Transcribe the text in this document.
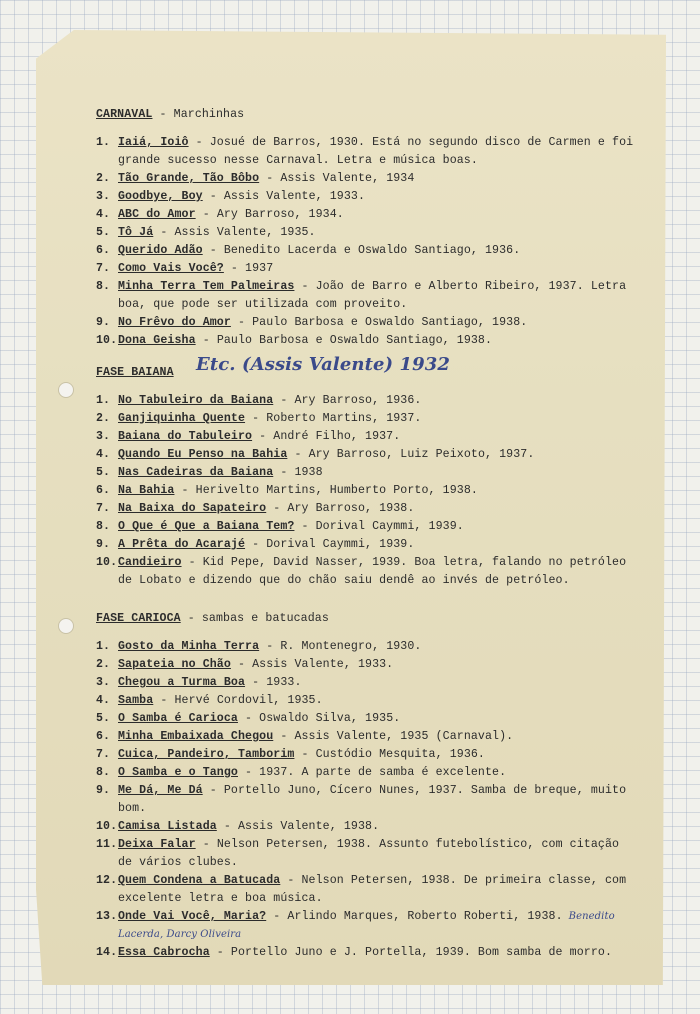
CARNAVAL - Marchinhas
1. Iaiá, Ioiô - Josué de Barros, 1930. Está no segundo disco de Carmen e foi grande sucesso nesse Carnaval. Letra e música boas.
2. Tão Grande, Tão Bôbo - Assis Valente, 1934
3. Goodbye, Boy - Assis Valente, 1933.
4. ABC do Amor - Ary Barroso, 1934.
5. Tô Já - Assis Valente, 1935.
6. Querido Adão - Benedito Lacerda e Oswaldo Santiago, 1936.
7. Como Vais Você? - 1937
8. Minha Terra Tem Palmeiras - João de Barro e Alberto Ribeiro, 1937. Letra boa, que pode ser utilizada com proveito.
9. No Frêvo do Amor - Paulo Barbosa e Oswaldo Santiago, 1938.
10. Dona Geisha - Paulo Barbosa e Oswaldo Santiago, 1938.
FASE BAIANA Etc. (Assis Valente) 1932
1. No Tabuleiro da Baiana - Ary Barroso, 1936.
2. Ganjiquinha Quente - Roberto Martins, 1937.
3. Baiana do Tabuleiro - André Filho, 1937.
4. Quando Eu Penso na Bahia - Ary Barroso, Luiz Peixoto, 1937.
5. Nas Cadeiras da Baiana - 1938
6. Na Bahia - Herivelto Martins, Humberto Porto, 1938.
7. Na Baixa do Sapateiro - Ary Barroso, 1938.
8. O Que é Que a Baiana Tem? - Dorival Caymmi, 1939.
9. A Prêta do Acarajé - Dorival Caymmi, 1939.
10. Candieiro - Kid Pepe, David Nasser, 1939. Boa letra, falando no petróleo de Lobato e dizendo que do chão saiu dendê ao invés de petróleo.
FASE CARIOCA - sambas e batucadas
1. Gosto da Minha Terra - R. Montenegro, 1930.
2. Sapateia no Chão - Assis Valente, 1933.
3. Chegou a Turma Boa - 1933.
4. Samba - Hervé Cordovil, 1935.
5. O Samba é Carioca - Oswaldo Silva, 1935.
6. Minha Embaixada Chegou - Assis Valente, 1935 (Carnaval).
7. Cuica, Pandeiro, Tamborim - Custódio Mesquita, 1936.
8. O Samba e o Tango - 1937. A parte de samba é excelente.
9. Me Dá, Me Dá - Portello Juno, Cícero Nunes, 1937. Samba de breque, muito bom.
10. Camisa Listada - Assis Valente, 1938.
11. Deixa Falar - Nelson Petersen, 1938. Assunto futebolístico, com citação de vários clubes.
12. Quem Condena a Batucada - Nelson Petersen, 1938. De primeira classe, com excelente letra e boa música.
13. Onde Vai Você, Maria? - Arlindo Marques, Roberto Roberti, 1938. Benedito Lacerda, Darcy Oliveira
14. Essa Cabrocha - Portello Juno e J. Portella, 1939. Bom samba de morro.
